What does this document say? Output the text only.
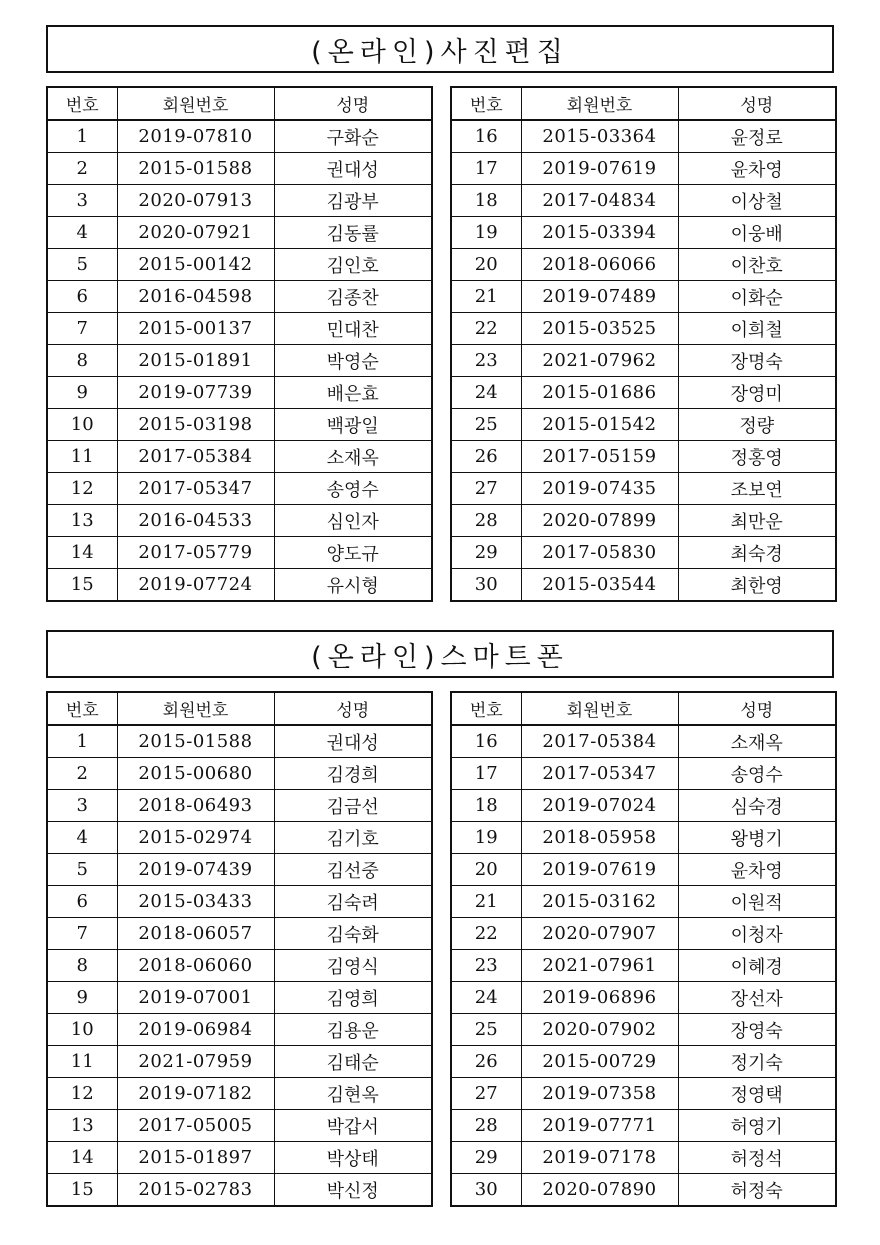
(온라인)사진편집
번호	회원번호	성명
1	2019-07810	구화순
2	2015-01588	권대성
3	2020-07913	김광부
4	2020-07921	김동률
5	2015-00142	김인호
6	2016-04598	김종찬
7	2015-00137	민대찬
8	2015-01891	박영순
9	2019-07739	배은효
10	2015-03198	백광일
11	2017-05384	소재옥
12	2017-05347	송영수
13	2016-04533	심인자
14	2017-05779	양도규
15	2019-07724	유시형
번호	회원번호	성명
16	2015-03364	윤정로
17	2019-07619	윤차영
18	2017-04834	이상철
19	2015-03394	이웅배
20	2018-06066	이찬호
21	2019-07489	이화순
22	2015-03525	이희철
23	2021-07962	장명숙
24	2015-01686	장영미
25	2015-01542	정량
26	2017-05159	정홍영
27	2019-07435	조보연
28	2020-07899	최만운
29	2017-05830	최숙경
30	2015-03544	최한영
(온라인)스마트폰
번호	회원번호	성명
1	2015-01588	권대성
2	2015-00680	김경희
3	2018-06493	김금선
4	2015-02974	김기호
5	2019-07439	김선중
6	2015-03433	김숙려
7	2018-06057	김숙화
8	2018-06060	김영식
9	2019-07001	김영희
10	2019-06984	김용운
11	2021-07959	김태순
12	2019-07182	김현옥
13	2017-05005	박갑서
14	2015-01897	박상태
15	2015-02783	박신정
번호	회원번호	성명
16	2017-05384	소재옥
17	2017-05347	송영수
18	2019-07024	심숙경
19	2018-05958	왕병기
20	2019-07619	윤차영
21	2015-03162	이원적
22	2020-07907	이청자
23	2021-07961	이혜경
24	2019-06896	장선자
25	2020-07902	장영숙
26	2015-00729	정기숙
27	2019-07358	정영택
28	2019-07771	허영기
29	2019-07178	허정석
30	2020-07890	허정숙
